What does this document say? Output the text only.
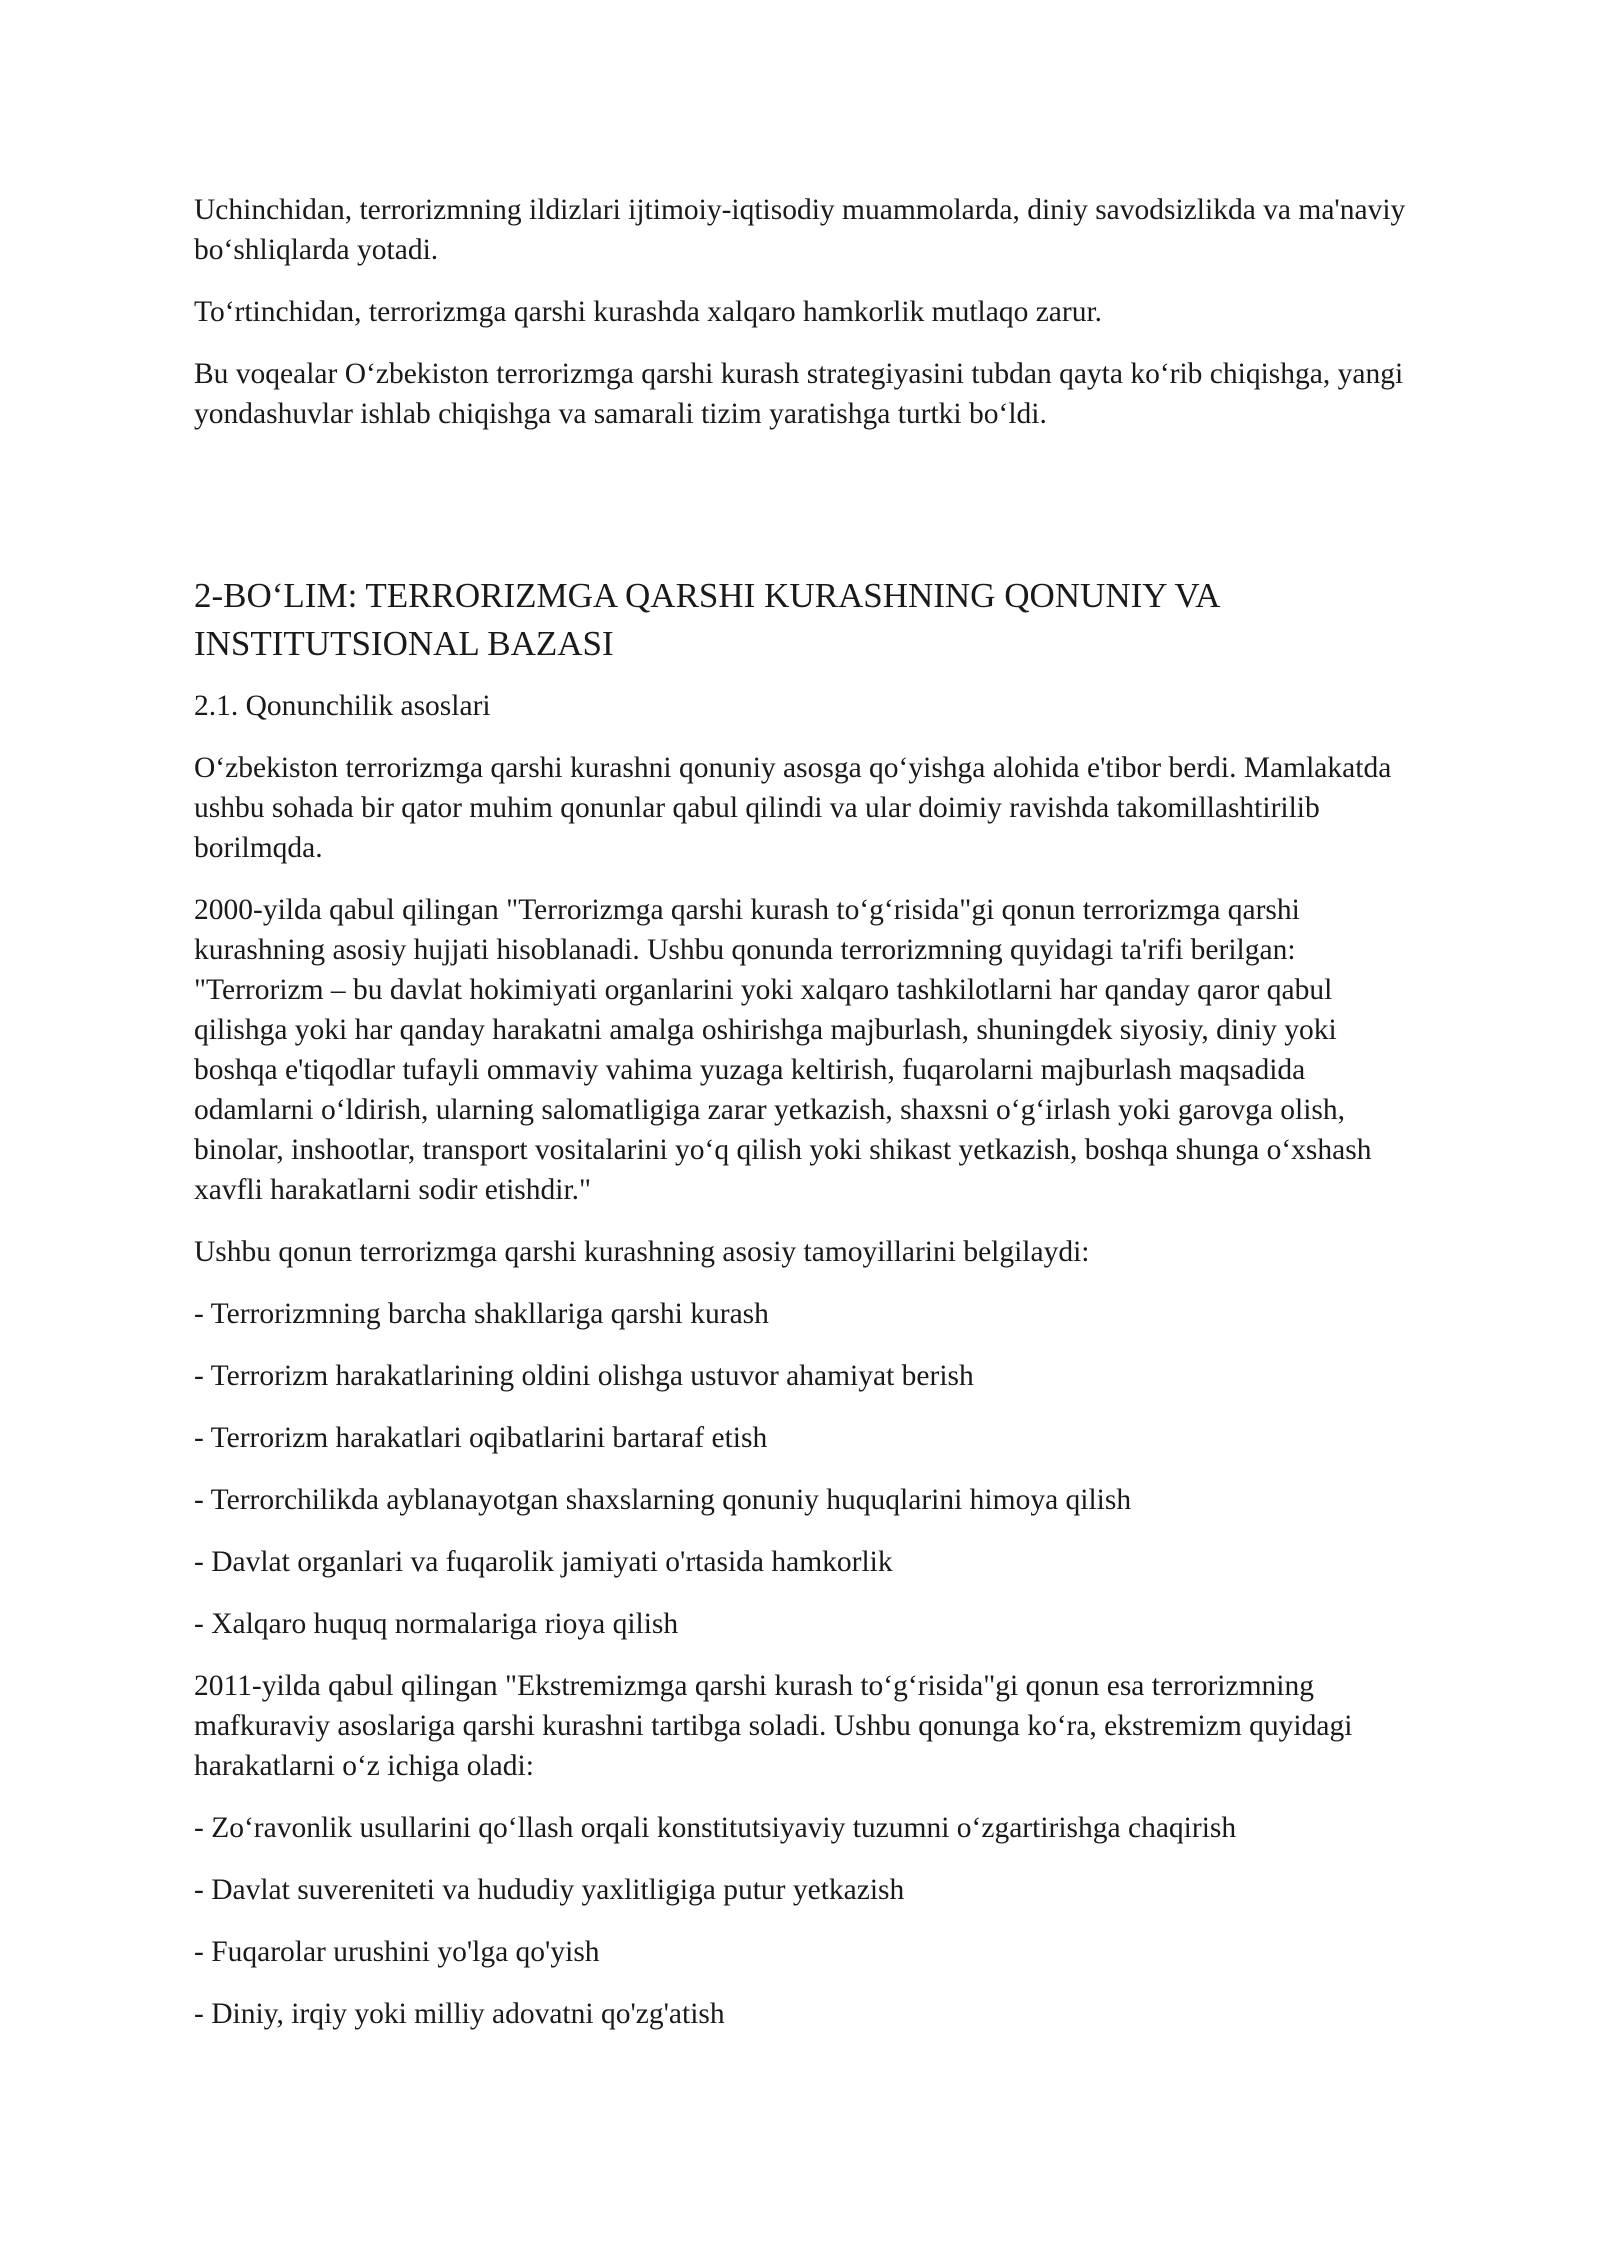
Uchinchidan, terrorizmning ildizlari ijtimoiy-iqtisodiy muammolarda, diniy savodsizlikda va ma'naviy bo‘shliqlarda yotadi.

To‘rtinchidan, terrorizmga qarshi kurashda xalqaro hamkorlik mutlaqo zarur.

Bu voqealar O‘zbekiston terrorizmga qarshi kurash strategiyasini tubdan qayta ko‘rib chiqishga, yangi yondashuvlar ishlab chiqishga va samarali tizim yaratishga turtki bo‘ldi.

2-BO‘LIM: TERRORIZMGA QARSHI KURASHNING QONUNIY VA INSTITUTSIONAL BAZASI

2.1. Qonunchilik asoslari

O‘zbekiston terrorizmga qarshi kurashni qonuniy asosga qo‘yishga alohida e'tibor berdi. Mamlakatda ushbu sohada bir qator muhim qonunlar qabul qilindi va ular doimiy ravishda takomillashtirilib borilmqda.

2000-yilda qabul qilingan "Terrorizmga qarshi kurash to‘g‘risida"gi qonun terrorizmga qarshi kurashning asosiy hujjati hisoblanadi. Ushbu qonunda terrorizmning quyidagi ta'rifi berilgan: "Terrorizm – bu davlat hokimiyati organlarini yoki xalqaro tashkilotlarni har qanday qaror qabul qilishga yoki har qanday harakatni amalga oshirishga majburlash, shuningdek siyosiy, diniy yoki boshqa e'tiqodlar tufayli ommaviy vahima yuzaga keltirish, fuqarolarni majburlash maqsadida odamlarni o‘ldirish, ularning salomatligiga zarar yetkazish, shaxsni o‘g‘irlash yoki garovga olish, binolar, inshootlar, transport vositalarini yo‘q qilish yoki shikast yetkazish, boshqa shunga o‘xshash xavfli harakatlarni sodir etishdir."

Ushbu qonun terrorizmga qarshi kurashning asosiy tamoyillarini belgilaydi:

- Terrorizmning barcha shakllariga qarshi kurash

- Terrorizm harakatlarining oldini olishga ustuvor ahamiyat berish

- Terrorizm harakatlari oqibatlarini bartaraf etish

- Terrorchilikda ayblanayotgan shaxslarning qonuniy huquqlarini himoya qilish

- Davlat organlari va fuqarolik jamiyati o'rtasida hamkorlik

- Xalqaro huquq normalariga rioya qilish

2011-yilda qabul qilingan "Ekstremizmga qarshi kurash to‘g‘risida"gi qonun esa terrorizmning mafkuraviy asoslariga qarshi kurashni tartibga soladi. Ushbu qonunga ko‘ra, ekstremizm quyidagi harakatlarni o‘z ichiga oladi:

- Zo‘ravonlik usullarini qo‘llash orqali konstitutsiyaviy tuzumni o‘zgartirishga chaqirish

- Davlat suvereniteti va hududiy yaxlitligiga putur yetkazish

- Fuqarolar urushini yo'lga qo'yish

- Diniy, irqiy yoki milliy adovatni qo'zg'atish
